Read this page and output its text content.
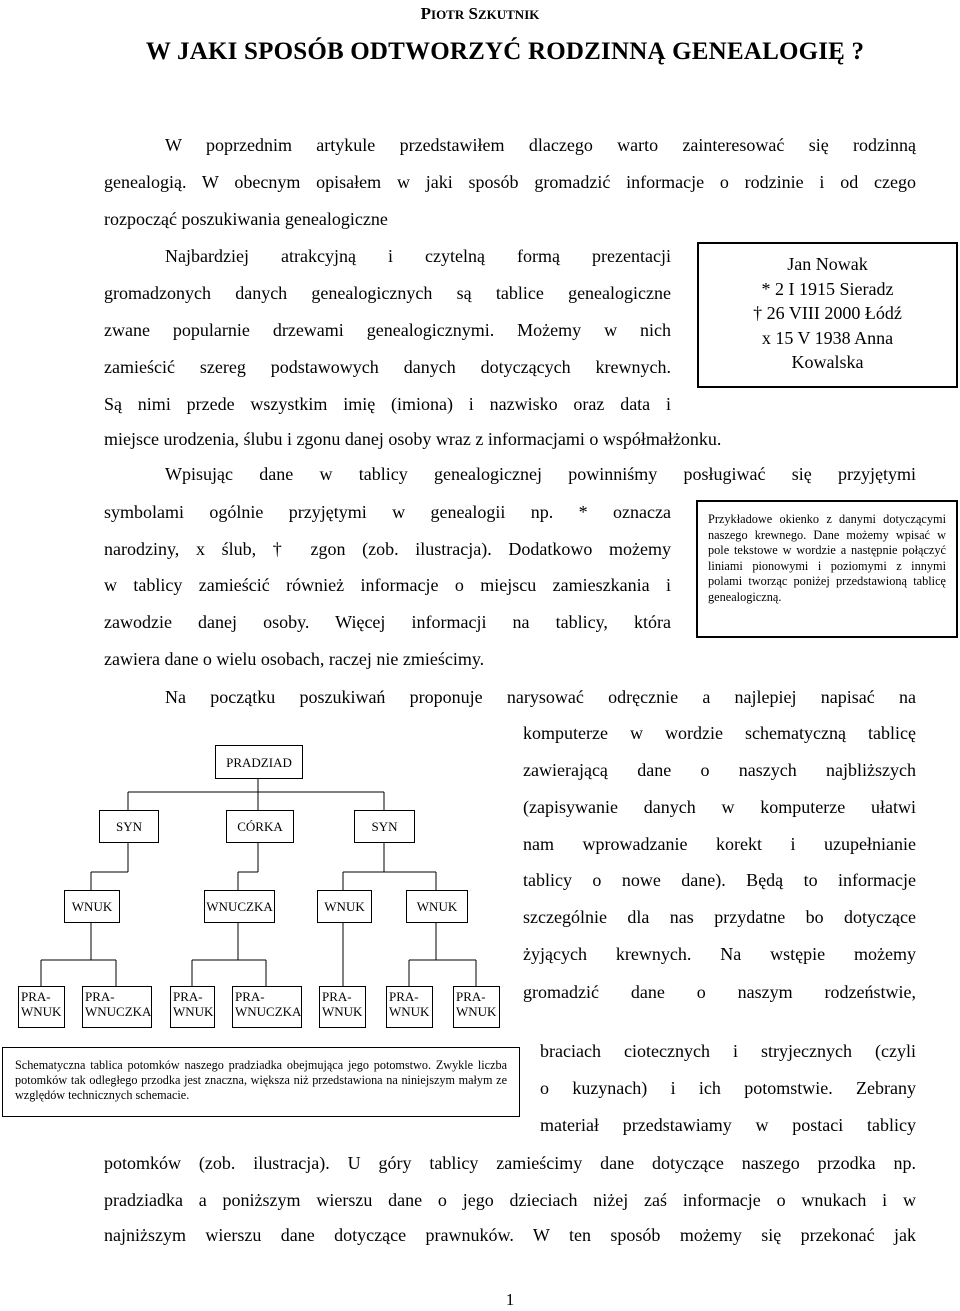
PIOTR SZKUTNIK
W JAKI SPOSÓB ODTWORZYĆ RODZINNĄ GENEALOGIĘ ?
W poprzednim artykule przedstawiłem dlaczego warto zainteresować się rodzinną
genealogią. W obecnym opisałem w jaki sposób gromadzić informacje o rodzinie i od czego
rozpocząć poszukiwania genealogiczne
Najbardziej atrakcyjną i czytelną formą prezentacji
gromadzonych danych genealogicznych są tablice genealogiczne
zwane popularnie drzewami genealogicznymi. Możemy w nich
zamieścić szereg podstawowych danych dotyczących krewnych.
Są nimi przede wszystkim imię (imiona) i nazwisko oraz data i
miejsce urodzenia, ślubu i zgonu danej osoby wraz z informacjami o współmałżonku.
Jan Nowak
* 2 I 1915 Sieradz
† 26 VIII 2000 Łódź
x 15 V 1938 Anna
Kowalska
Wpisując dane w tablicy genealogicznej powinniśmy posługiwać się przyjętymi
symbolami ogólnie przyjętymi w genealogii np. * oznacza
narodziny, x ślub, † zgon (zob. ilustracja). Dodatkowo możemy
w tablicy zamieścić również informacje o miejscu zamieszkania i
zawodzie danej osoby. Więcej informacji na tablicy, która
zawiera dane o wielu osobach, raczej nie zmieścimy.
Przykładowe okienko z danymi dotyczącymi naszego krewnego. Dane możemy wpisać w pole tekstowe w wordzie a następnie połączyć liniami pionowymi i poziomymi z innymi polami tworząc poniżej przedstawioną tablicę genealogiczną.
Na początku poszukiwań proponuje narysować odręcznie a najlepiej napisać na
komputerze w wordzie schematyczną tablicę
zawierającą dane o naszych najbliższych
(zapisywanie danych w komputerze ułatwi
nam wprowadzanie korekt i uzupełnianie
tablicy o nowe dane). Będą to informacje
szczególnie dla nas przydatne bo dotyczące
żyjących krewnych. Na wstępie możemy
gromadzić dane o naszym rodzeństwie,
braciach ciotecznych i stryjecznych (czyli
o kuzynach) i ich potomstwie. Zebrany
materiał przedstawiamy w postaci tablicy
potomków (zob. ilustracja). U góry tablicy zamieścimy dane dotyczące naszego przodka np.
pradziadka a poniższym wierszu dane o jego dzieciach niżej zaś informacje o wnukach i w
najniższym wierszu dane dotyczące prawnuków. W ten sposób możemy się przekonać jak
PRADZIAD
SYN	CÓRKA	SYN
WNUK	WNUCZKA	WNUK	WNUK
PRA-
WNUK
PRA-
WNUCZKA
PRA-
WNUK
PRA-
WNUCZKA
PRA-
WNUK
PRA-
WNUK
PRA-
WNUK
Schematyczna tablica potomków naszego pradziadka obejmująca jego potomstwo. Zwykle liczba potomków tak odległego przodka jest znaczna, większa niż przedstawiona na niniejszym małym ze względów technicznych schemacie.
1
